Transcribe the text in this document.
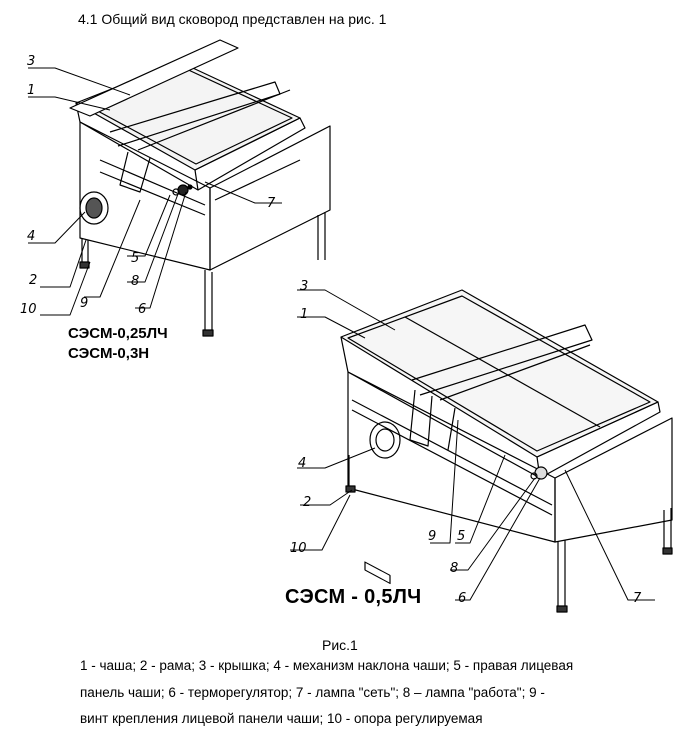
4.1 Общий вид сковород представлен на рис. 1
3
1
4
2
10	9
5
8
6
7
3
1
4
2
10
9 5
8
6	7
СЭСМ-0,25ЛЧ
СЭСМ-0,3Н
СЭСМ - 0,5ЛЧ
Рис.1
1 - чаша; 2 - рама; 3 - крышка; 4 - механизм наклона чаши; 5 - правая лицевая
панель чаши; 6 - терморегулятор; 7 - лампа "сеть"; 8 – лампа "работа"; 9 -
винт крепления лицевой панели чаши; 10 - опора регулируемая
